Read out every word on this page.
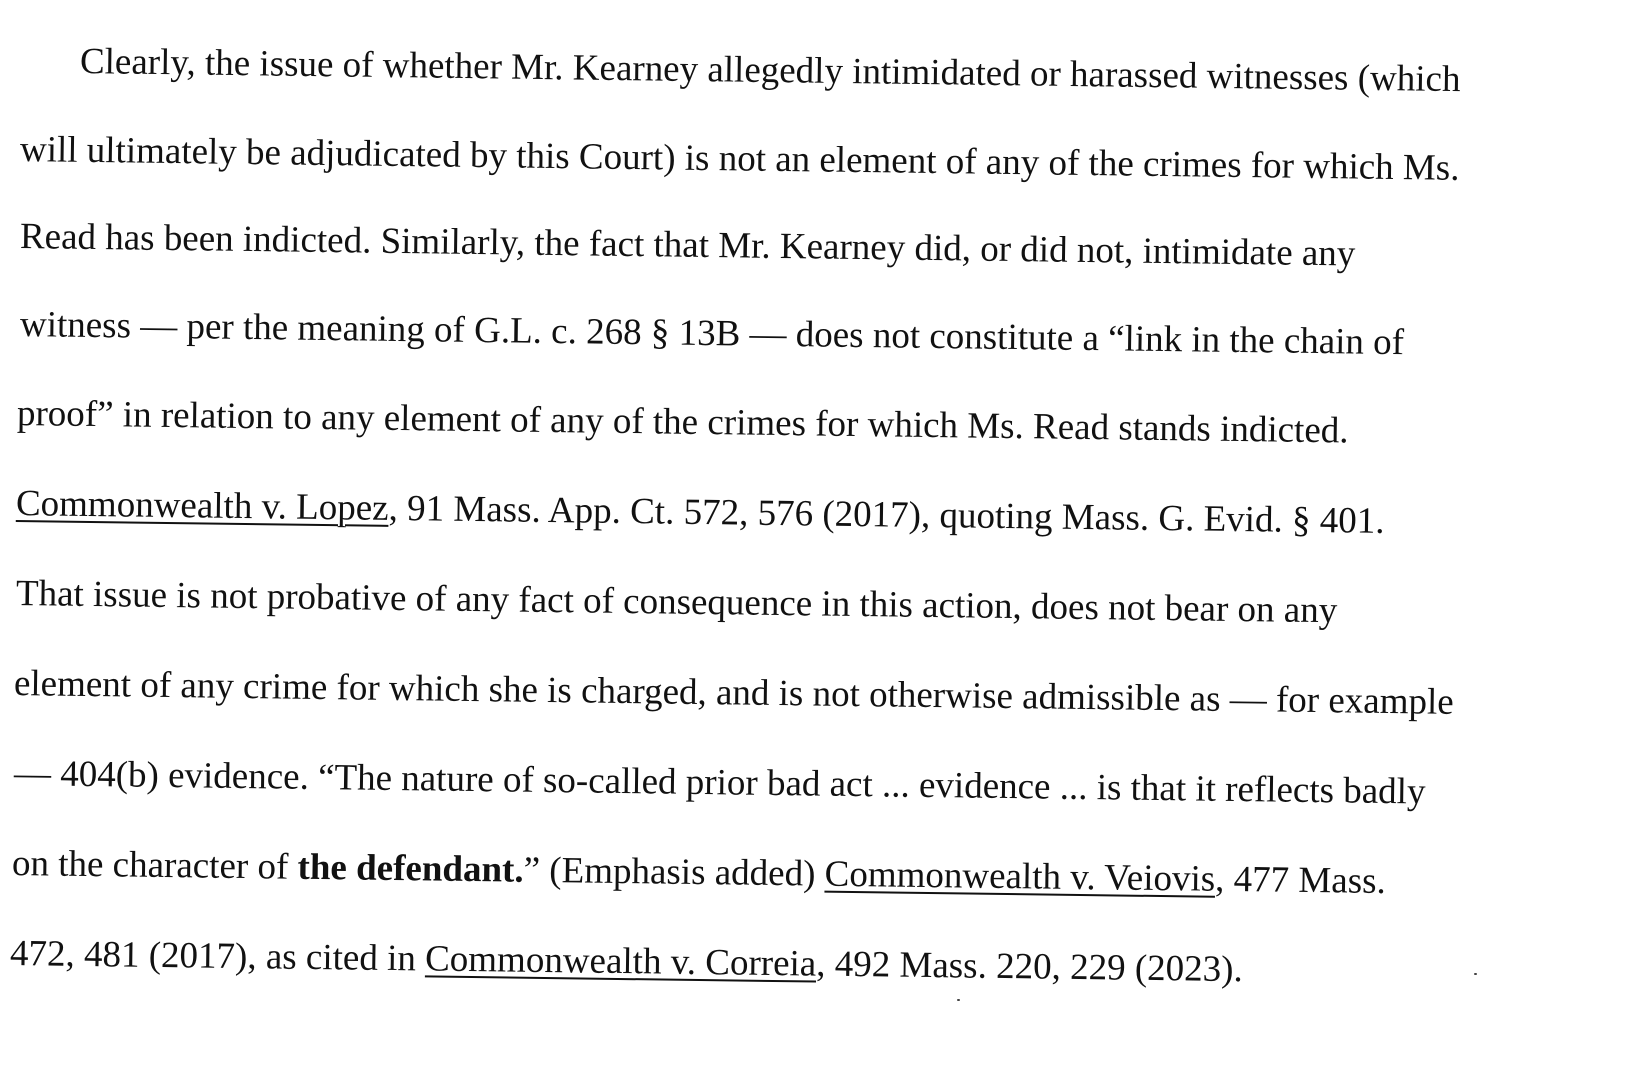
Clearly, the issue of whether Mr. Kearney allegedly intimidated or harassed witnesses (which
will ultimately be adjudicated by this Court) is not an element of any of the crimes for which Ms.
Read has been indicted. Similarly, the fact that Mr. Kearney did, or did not, intimidate any
witness — per the meaning of G.L. c. 268 § 13B — does not constitute a “link in the chain of
proof” in relation to any element of any of the crimes for which Ms. Read stands indicted.
Commonwealth v. Lopez, 91 Mass. App. Ct. 572, 576 (2017), quoting Mass. G. Evid. § 401.
That issue is not probative of any fact of consequence in this action, does not bear on any
element of any crime for which she is charged, and is not otherwise admissible as — for example
— 404(b) evidence. “The nature of so-called prior bad act ... evidence ... is that it reflects badly
on the character of the defendant.” (Emphasis added) Commonwealth v. Veiovis, 477 Mass.
472, 481 (2017), as cited in Commonwealth v. Correia, 492 Mass. 220, 229 (2023).
